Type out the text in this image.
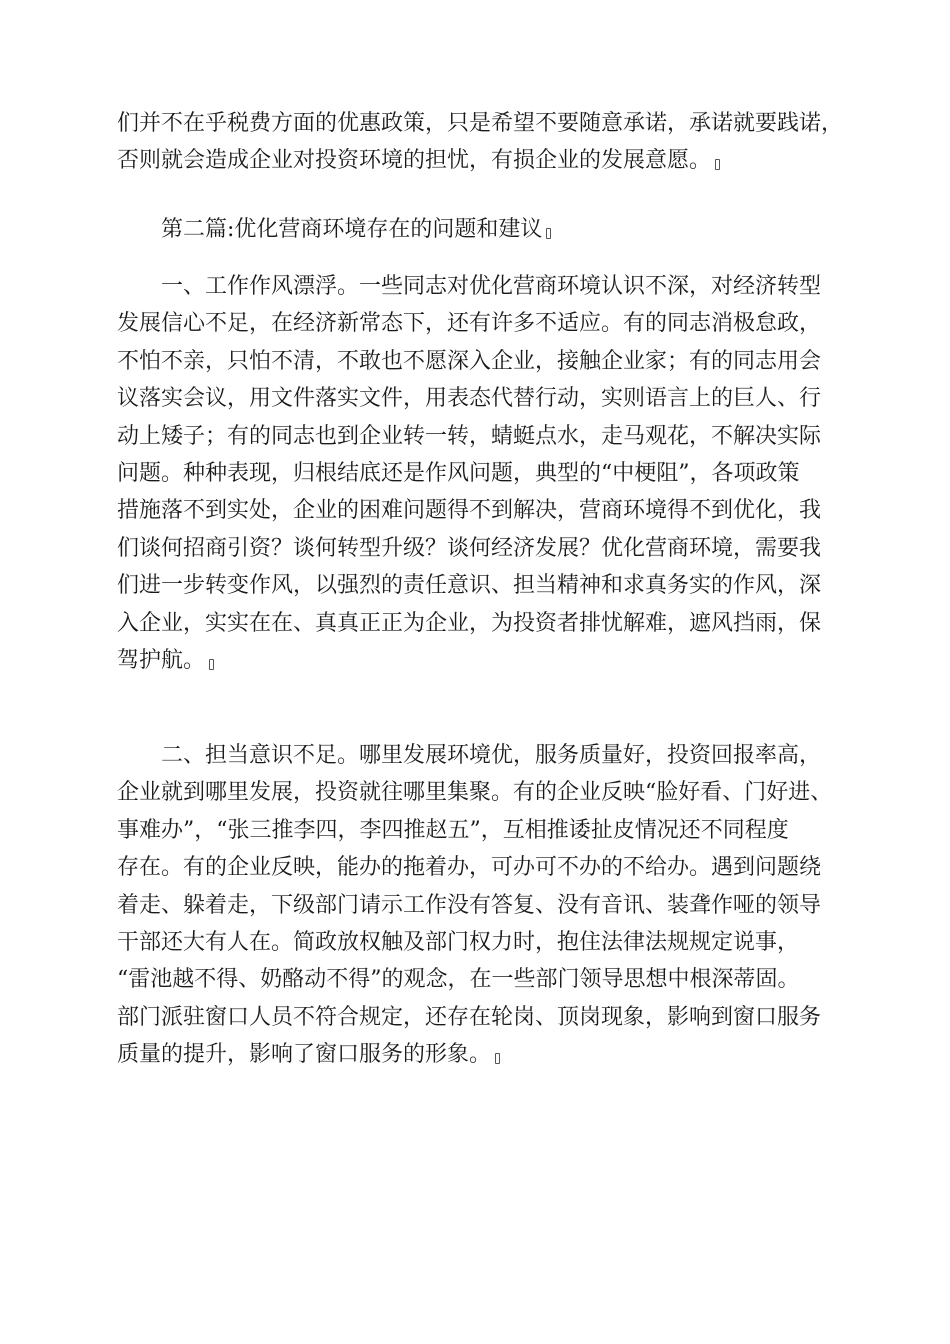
们并不在乎税费方面的优惠政策，只是希望不要随意承诺，承诺就要践诺，
否则就会造成企业对投资环境的担忧，有损企业的发展意愿。
第二篇:优化营商环境存在的问题和建议
一、工作作风漂浮。一些同志对优化营商环境认识不深，对经济转型
发展信心不足，在经济新常态下，还有许多不适应。有的同志消极怠政，
不怕不亲，只怕不清，不敢也不愿深入企业，接触企业家；有的同志用会
议落实会议，用文件落实文件，用表态代替行动，实则语言上的巨人、行
动上矮子；有的同志也到企业转一转，蜻蜓点水，走马观花，不解决实际
问题。种种表现，归根结底还是作风问题，典型的“中梗阻”，各项政策
措施落不到实处，企业的困难问题得不到解决，营商环境得不到优化，我
们谈何招商引资？谈何转型升级？谈何经济发展？优化营商环境，需要我
们进一步转变作风，以强烈的责任意识、担当精神和求真务实的作风，深
入企业，实实在在、真真正正为企业，为投资者排忧解难，遮风挡雨，保
驾护航。
二、担当意识不足。哪里发展环境优，服务质量好，投资回报率高，
企业就到哪里发展，投资就往哪里集聚。有的企业反映“脸好看、门好进、
事难办”，“张三推李四，李四推赵五”，互相推诿扯皮情况还不同程度
存在。有的企业反映，能办的拖着办，可办可不办的不给办。遇到问题绕
着走、躲着走，下级部门请示工作没有答复、没有音讯、装聋作哑的领导
干部还大有人在。简政放权触及部门权力时，抱住法律法规规定说事，
“雷池越不得、奶酪动不得”的观念，在一些部门领导思想中根深蒂固。
部门派驻窗口人员不符合规定，还存在轮岗、顶岗现象，影响到窗口服务
质量的提升，影响了窗口服务的形象。
